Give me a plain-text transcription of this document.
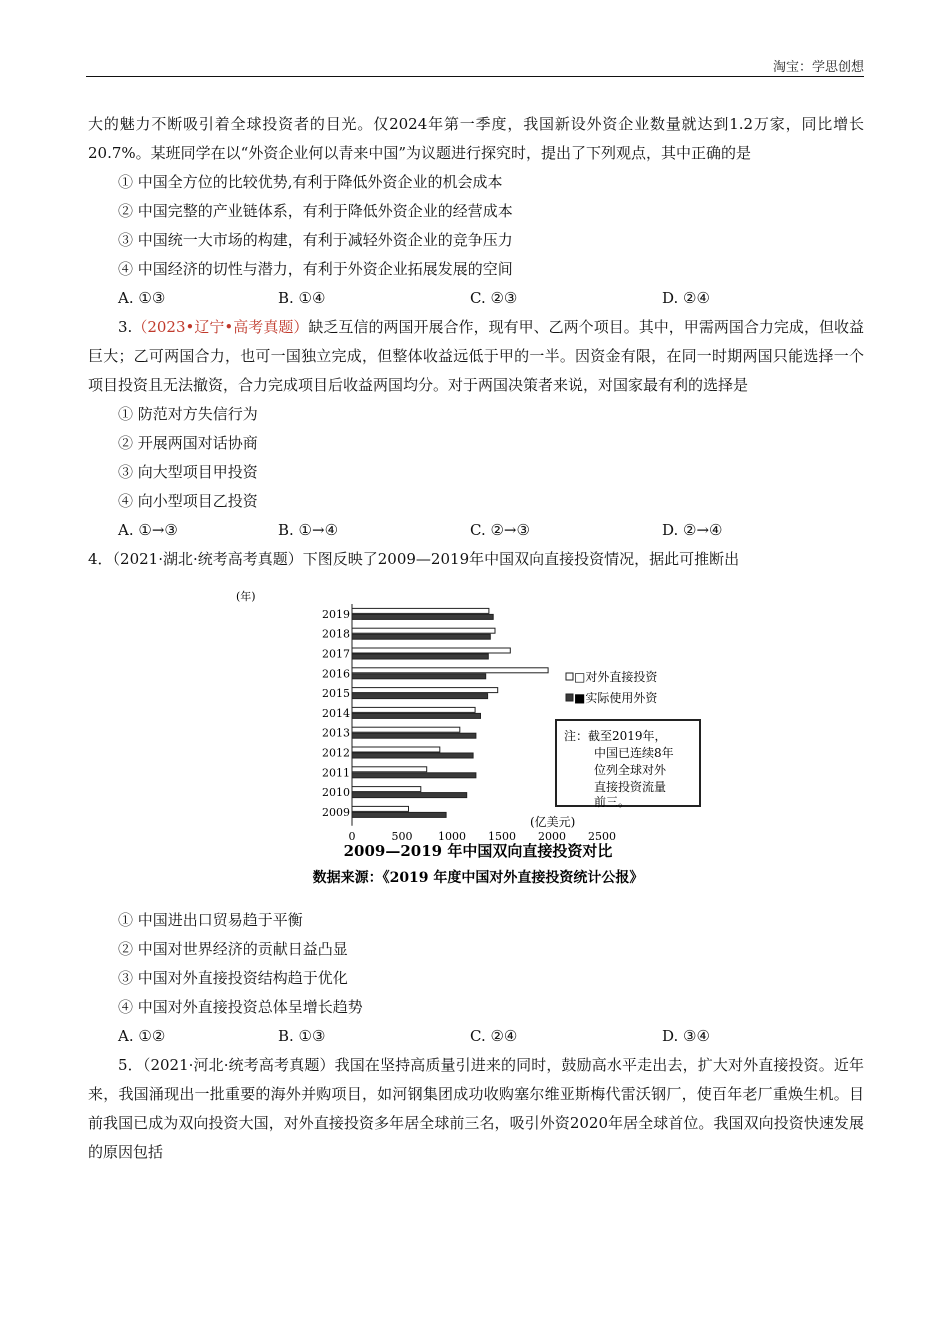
淘宝：学思创想

大的魅力不断吸引着全球投资者的目光。仅2024年第一季度，我国新设外资企业数量就达到1.2万家，同比增长20.7%。某班同学在以“外资企业何以青来中国”为议题进行探究时，提出了下列观点，其中正确的是

① 中国全方位的比较优势,有利于降低外资企业的机会成本

② 中国完整的产业链体系，有利于降低外资企业的经营成本

③ 中国统一大市场的构建，有利于减轻外资企业的竞争压力

④ 中国经济的切性与潜力，有利于外资企业拓展发展的空间

A. ①③	B. ①④	C. ②③	D. ②④

3.（2023•辽宁•高考真题）缺乏互信的两国开展合作，现有甲、乙两个项目。其中，甲需两国合力完成，但收益巨大；乙可两国合力，也可一国独立完成，但整体收益远低于甲的一半。因资金有限，在同一时期两国只能选择一个项目投资且无法撤资，合力完成项目后收益两国均分。对于两国决策者来说，对国家最有利的选择是

① 防范对方失信行为

② 开展两国对话协商

③ 向大型项目甲投资

④ 向小型项目乙投资

A. ①→③	B. ①→④	C. ②→③	D. ②→④

4．（2021·湖北·统考高考真题）下图反映了2009—2019年中国双向直接投资情况，据此可推断出

2019
2018
2017
2016
2015
2014
2013
2012
2011
2010
2009
0	500 1000 1500 2000 2500
(年)
(亿美元)
□对外直接投资
■实际使用外资
注：截至2019年，
中国已连续8年
位列全球对外
直接投资流量
前三。
2009—2019 年中国双向直接投资对比
数据来源：《2019 年度中国对外直接投资统计公报》

① 中国进出口贸易趋于平衡

② 中国对世界经济的贡献日益凸显

③ 中国对外直接投资结构趋于优化

④ 中国对外直接投资总体呈增长趋势

A. ①②	B. ①③	C. ②④	D. ③④

5．（2021·河北·统考高考真题）我国在坚持高质量引进来的同时，鼓励高水平走出去，扩大对外直接投资。近年来，我国涌现出一批重要的海外并购项目，如河钢集团成功收购塞尔维亚斯梅代雷沃钢厂，使百年老厂重焕生机。目前我国已成为双向投资大国，对外直接投资多年居全球前三名，吸引外资2020年居全球首位。我国双向投资快速发展的原因包括
